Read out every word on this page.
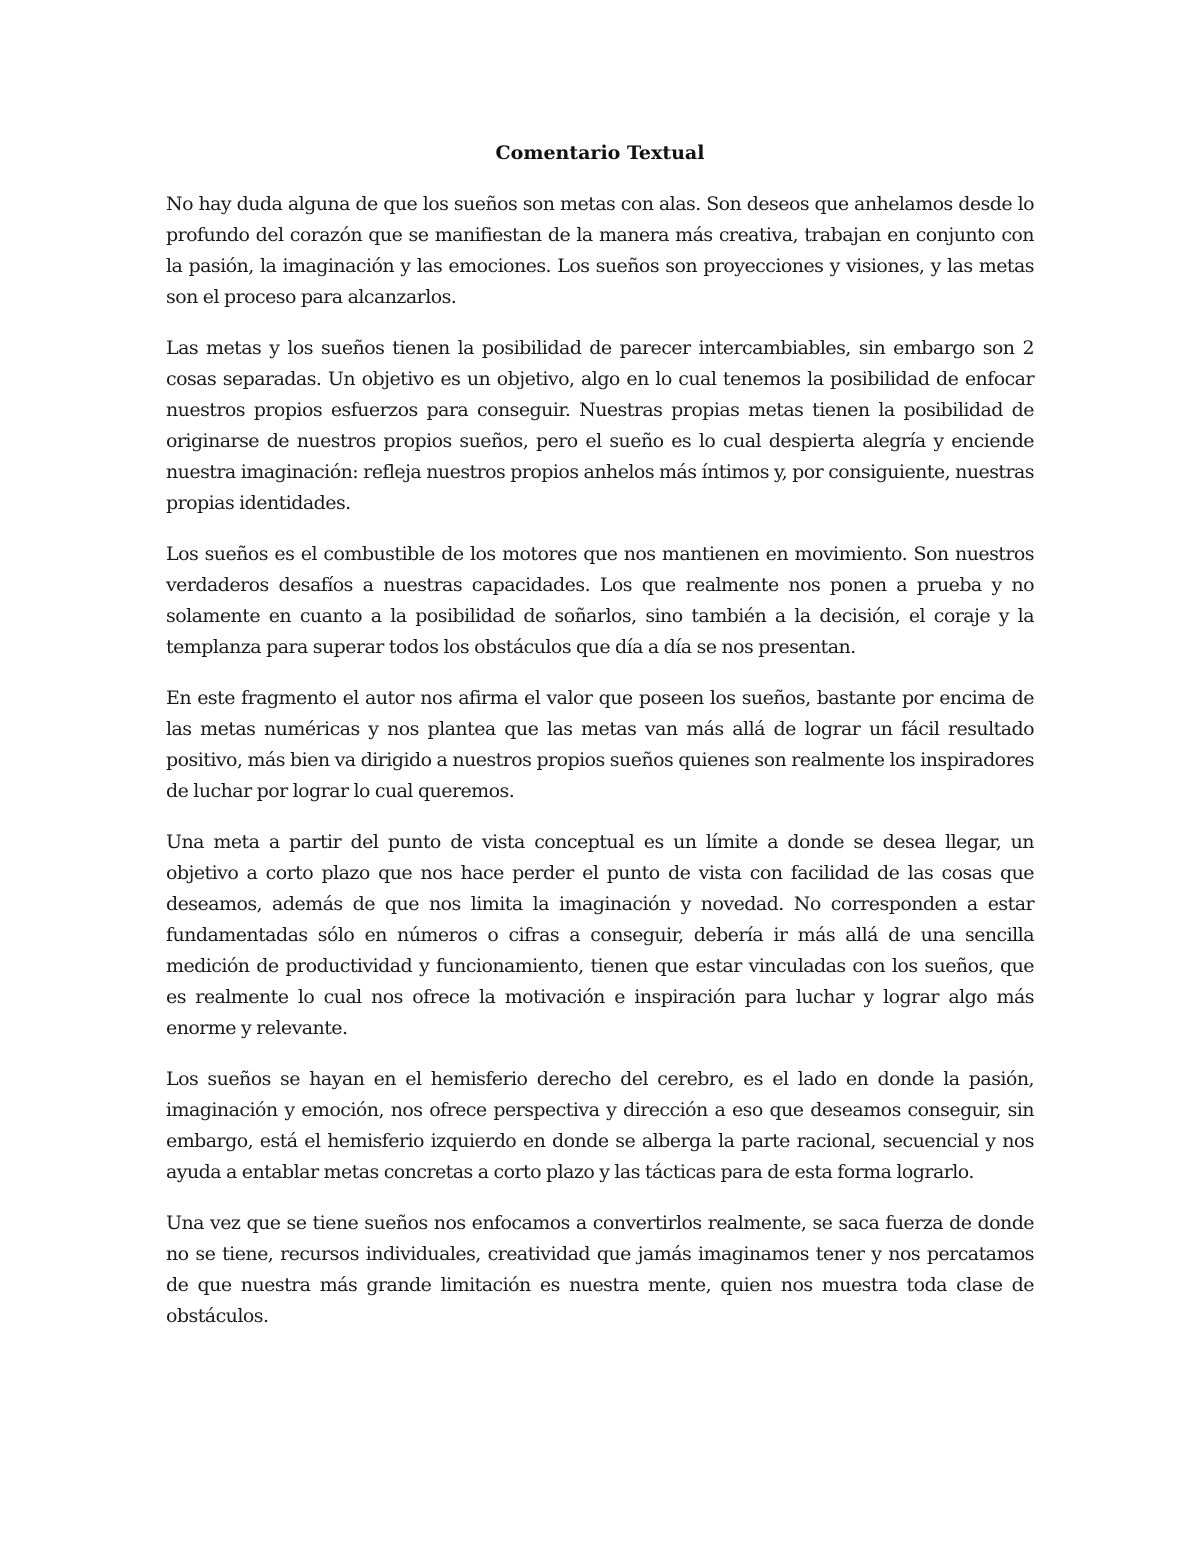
Comentario Textual

No hay duda alguna de que los sueños son metas con alas. Son deseos que anhelamos desde lo profundo del corazón que se manifiestan de la manera más creativa, trabajan en conjunto con la pasión, la imaginación y las emociones. Los sueños son proyecciones y visiones, y las metas son el proceso para alcanzarlos.

Las metas y los sueños tienen la posibilidad de parecer intercambiables, sin embargo son 2 cosas separadas. Un objetivo es un objetivo, algo en lo cual tenemos la posibilidad de enfocar nuestros propios esfuerzos para conseguir. Nuestras propias metas tienen la posibilidad de originarse de nuestros propios sueños, pero el sueño es lo cual despierta alegría y enciende nuestra imaginación: refleja nuestros propios anhelos más íntimos y, por consiguiente, nuestras propias identidades.

Los sueños es el combustible de los motores que nos mantienen en movimiento. Son nuestros verdaderos desafíos a nuestras capacidades. Los que realmente nos ponen a prueba y no solamente en cuanto a la posibilidad de soñarlos, sino también a la decisión, el coraje y la templanza para superar todos los obstáculos que día a día se nos presentan.

En este fragmento el autor nos afirma el valor que poseen los sueños, bastante por encima de las metas numéricas y nos plantea que las metas van más allá de lograr un fácil resultado positivo, más bien va dirigido a nuestros propios sueños quienes son realmente los inspiradores de luchar por lograr lo cual queremos.

Una meta a partir del punto de vista conceptual es un límite a donde se desea llegar, un objetivo a corto plazo que nos hace perder el punto de vista con facilidad de las cosas que deseamos, además de que nos limita la imaginación y novedad. No corresponden a estar fundamentadas sólo en números o cifras a conseguir, debería ir más allá de una sencilla medición de productividad y funcionamiento, tienen que estar vinculadas con los sueños, que es realmente lo cual nos ofrece la motivación e inspiración para luchar y lograr algo más enorme y relevante.

Los sueños se hayan en el hemisferio derecho del cerebro, es el lado en donde la pasión, imaginación y emoción, nos ofrece perspectiva y dirección a eso que deseamos conseguir, sin embargo, está el hemisferio izquierdo en donde se alberga la parte racional, secuencial y nos ayuda a entablar metas concretas a corto plazo y las tácticas para de esta forma lograrlo.

Una vez que se tiene sueños nos enfocamos a convertirlos realmente, se saca fuerza de donde no se tiene, recursos individuales, creatividad que jamás imaginamos tener y nos percatamos de que nuestra más grande limitación es nuestra mente, quien nos muestra toda clase de obstáculos.
